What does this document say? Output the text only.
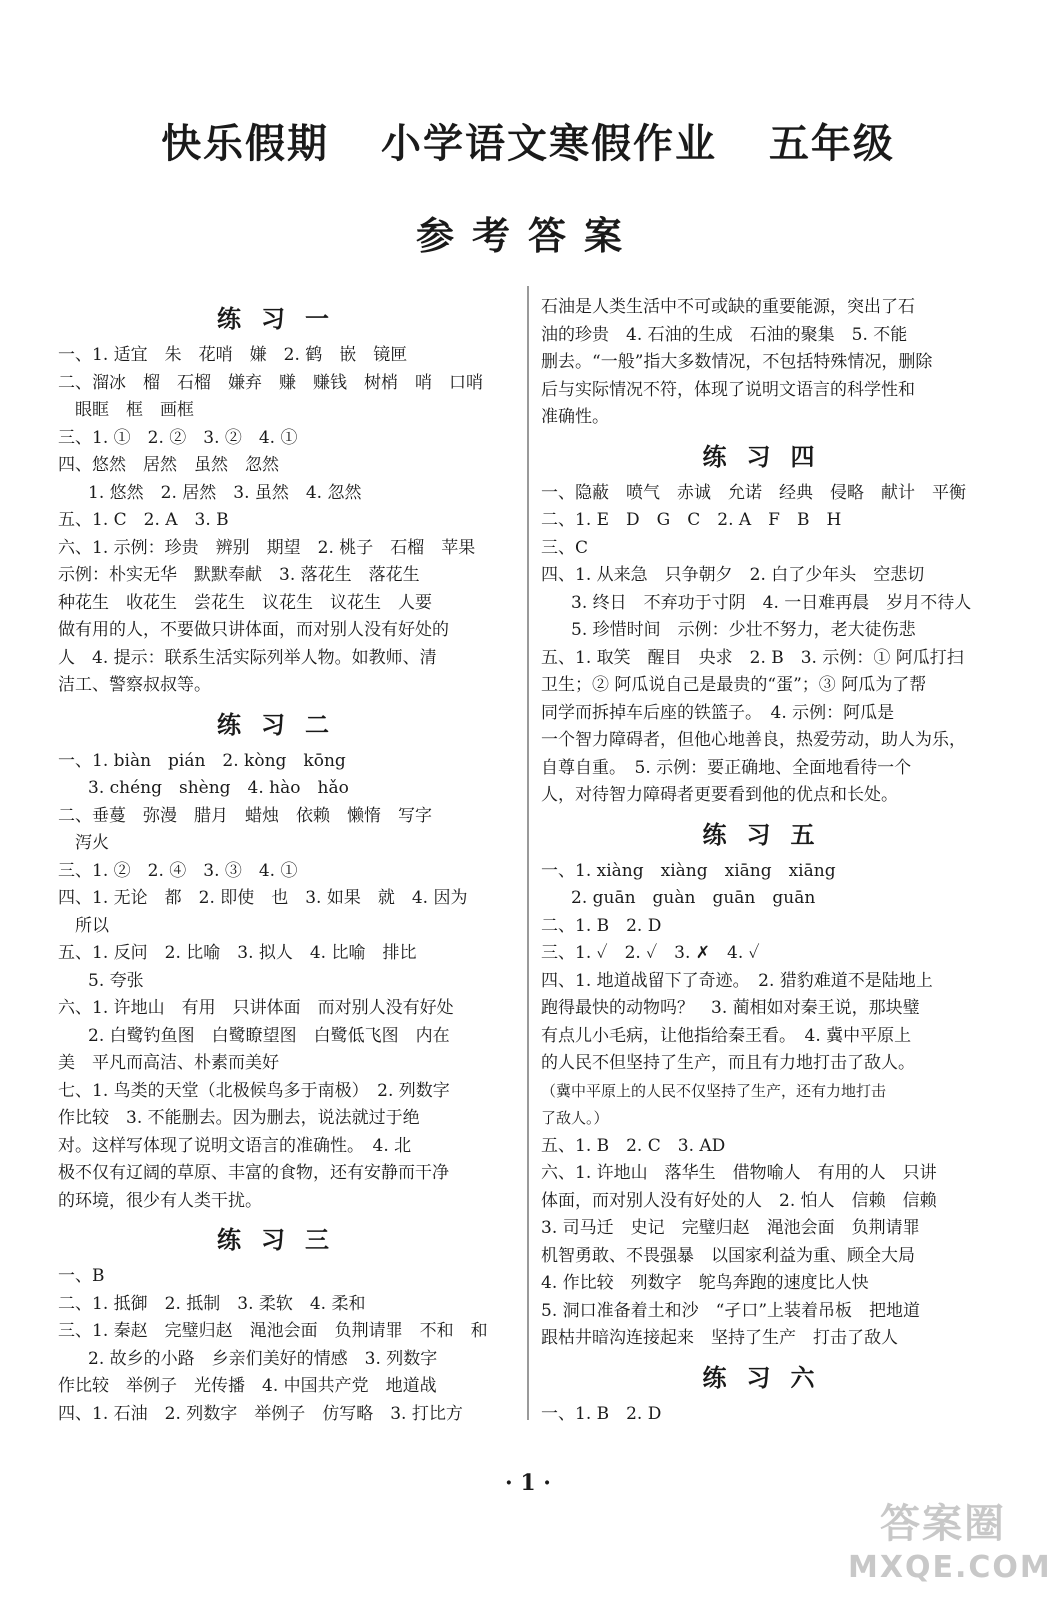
快乐假期 小学语文寒假作业 五年级
参考答案
练习一
一、1. 适宜　朱　花哨　嫌　2. 鹤　嵌　镜匣
二、溜冰　榴　石榴　嫌弃　赚　赚钱　树梢　哨　口哨
　眼眶　框　画框
三、1. ①　2. ②　3. ②　4. ①
四、悠然　居然　虽然　忽然
1. 悠然　2. 居然　3. 虽然　4. 忽然
五、1. C　2. A　3. B
六、1. 示例：珍贵　辨别　期望　2. 桃子　石榴　苹果
示例：朴实无华　默默奉献　3. 落花生　落花生
种花生　收花生　尝花生　议花生　议花生　人要
做有用的人，不要做只讲体面，而对别人没有好处的
人　4. 提示：联系生活实际列举人物。如教师、清
洁工、警察叔叔等。
练习二
一、1. biàn　pián　2. kòng　kōng
3. chéng　shèng　4. hào　hǎo
二、垂蔓　弥漫　腊月　蜡烛　依赖　懒惰　写字
　泻火
三、1. ②　2. ④　3. ③　4. ①
四、1. 无论　都　2. 即使　也　3. 如果　就　4. 因为
　所以
五、1. 反问　2. 比喻　3. 拟人　4. 比喻　排比
5. 夸张
六、1. 许地山　有用　只讲体面　而对别人没有好处
2. 白鹭钓鱼图　白鹭瞭望图　白鹭低飞图　内在
美　平凡而高洁、朴素而美好
七、1. 鸟类的天堂（北极候鸟多于南极）　2. 列数字
作比较　3. 不能删去。因为删去，说法就过于绝
对。这样写体现了说明文语言的准确性。　4. 北
极不仅有辽阔的草原、丰富的食物，还有安静而干净
的环境，很少有人类干扰。
练习三
一、B
二、1. 抵御　2. 抵制　3. 柔软　4. 柔和
三、1. 秦赵　完璧归赵　渑池会面　负荆请罪　不和　和
2. 故乡的小路　乡亲们美好的情感　3. 列数字
作比较　举例子　光传播　4. 中国共产党　地道战
四、1. 石油　2. 列数字　举例子　仿写略　3. 打比方
石油是人类生活中不可或缺的重要能源，突出了石
油的珍贵　4. 石油的生成　石油的聚集　5. 不能
删去。“一般”指大多数情况，不包括特殊情况，删除
后与实际情况不符，体现了说明文语言的科学性和
准确性。
练习四
一、隐蔽　喷气　赤诚　允诺　经典　侵略　献计　平衡
二、1. E　D　G　C　2. A　F　B　H
三、C
四、1. 从来急　只争朝夕　2. 白了少年头　空悲切
3. 终日　不弃功于寸阴　4. 一日难再晨　岁月不待人
5. 珍惜时间　示例：少壮不努力，老大徒伤悲
五、1. 取笑　醒目　央求　2. B　3. 示例：① 阿瓜打扫
卫生；② 阿瓜说自己是最贵的“蛋”；③ 阿瓜为了帮
同学而拆掉车后座的铁篮子。　4. 示例：阿瓜是
一个智力障碍者，但他心地善良，热爱劳动，助人为乐，
自尊自重。　5. 示例：要正确地、全面地看待一个
人，对待智力障碍者更要看到他的优点和长处。
练习五
一、1. xiàng　xiàng　xiāng　xiāng
2. guān　guàn　guān　guān
二、1. B　2. D
三、1. ✓　2. ✓　3. ✗　4. ✓
四、1. 地道战留下了奇迹。　2. 猎豹难道不是陆地上
跑得最快的动物吗？　3. 蔺相如对秦王说，那块璧
有点儿小毛病，让他指给秦王看。　4. 冀中平原上
的人民不但坚持了生产，而且有力地打击了敌人。
（冀中平原上的人民不仅坚持了生产，还有力地打击
了敌人。）
五、1. B　2. C　3. AD
六、1. 许地山　落华生　借物喻人　有用的人　只讲
体面，而对别人没有好处的人　2. 怕人　信赖　信赖
3. 司马迁　史记　完璧归赵　渑池会面　负荆请罪
机智勇敢、不畏强暴　以国家利益为重、顾全大局
4. 作比较　列数字　鸵鸟奔跑的速度比人快
5. 洞口准备着土和沙　“孑口”上装着吊板　把地道
跟枯井暗沟连接起来　坚持了生产　打击了敌人
练习六
一、1. B　2. D
· 1 ·
答案圈
MXQE.COM
